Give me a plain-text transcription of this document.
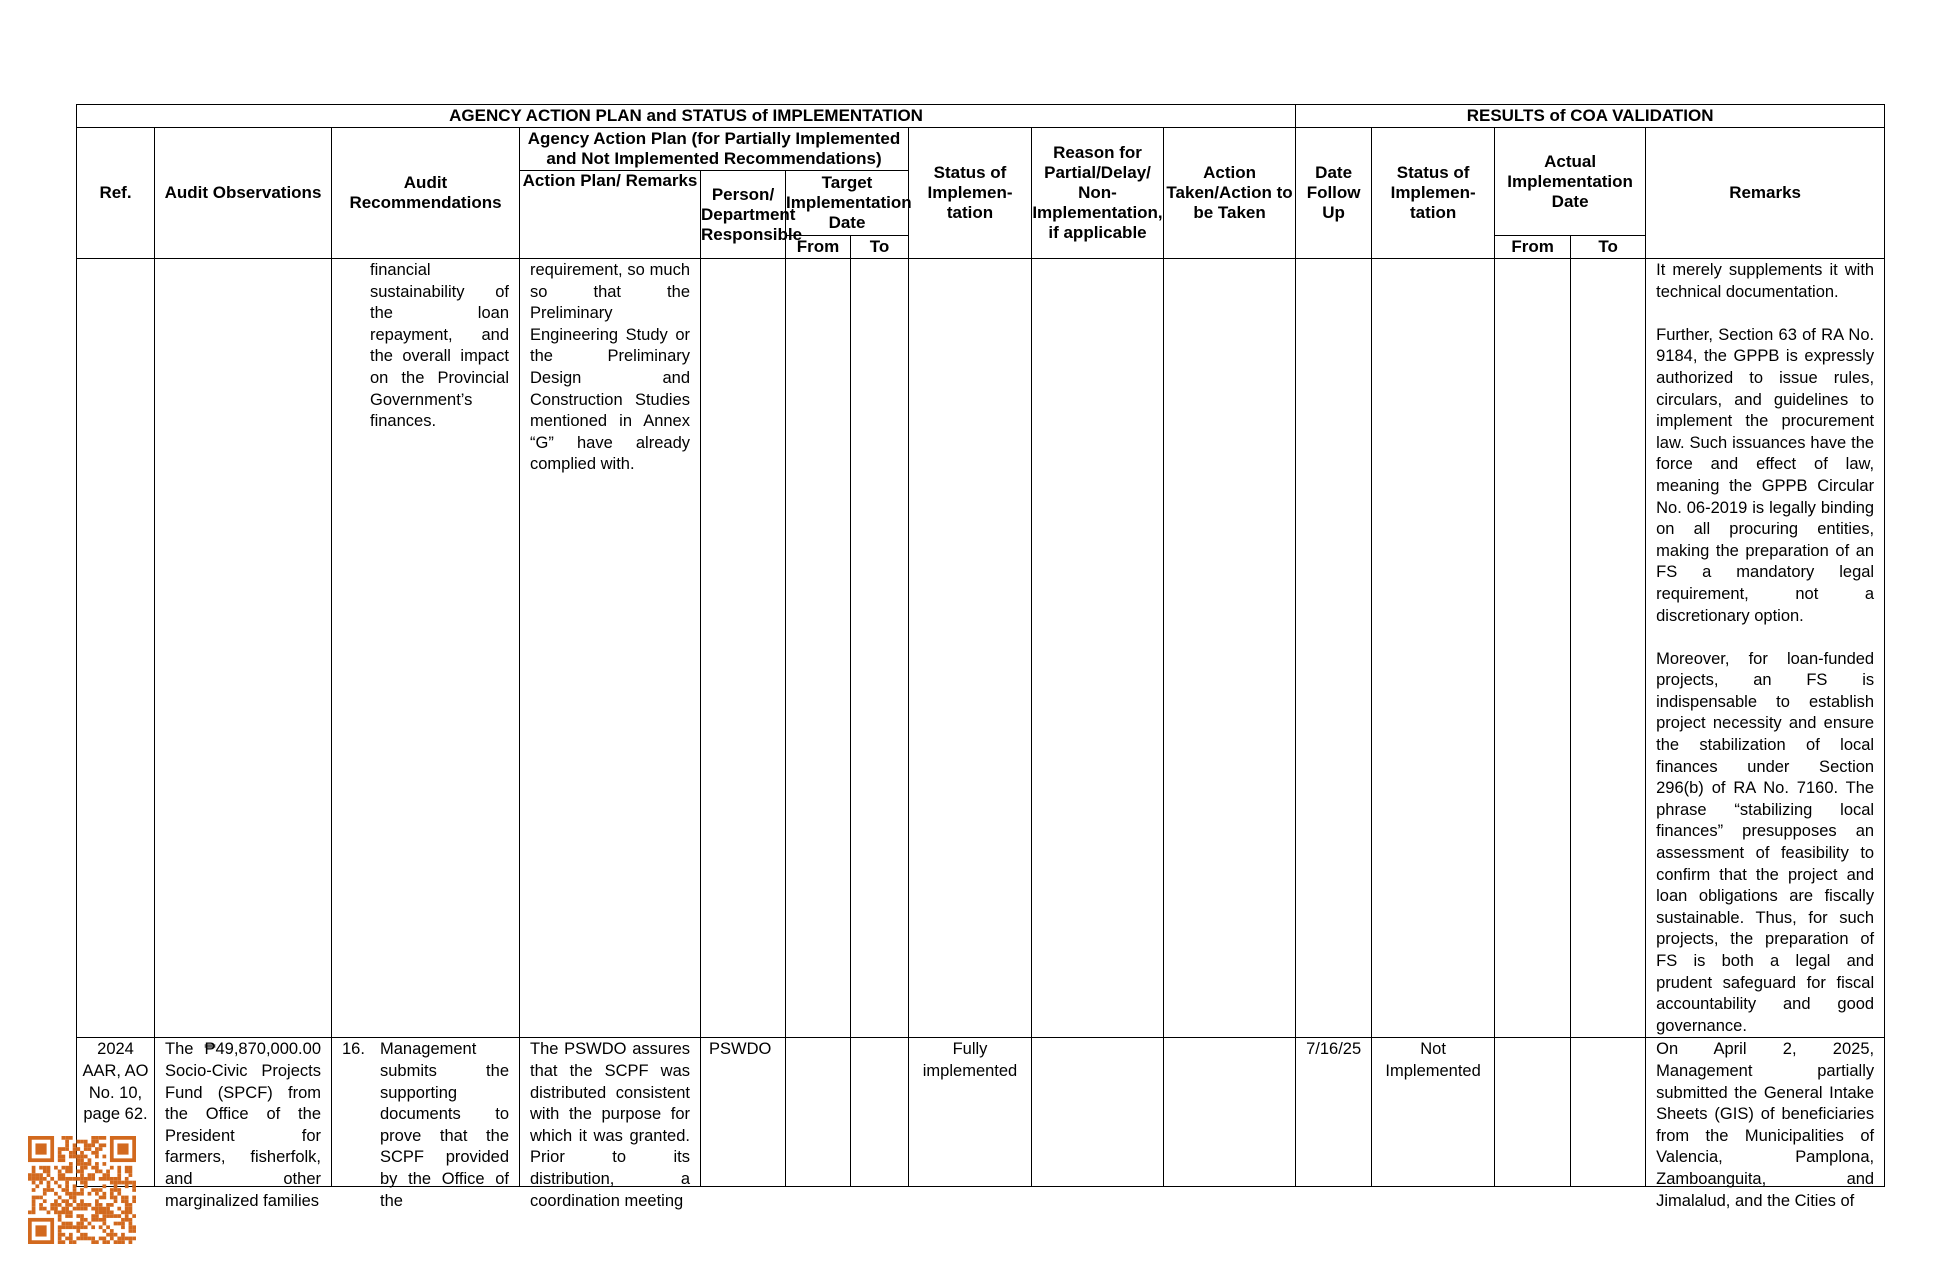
AGENCY ACTION PLAN and STATUS of IMPLEMENTATION										RESULTS of COA VALIDATION				
Ref.	Audit Observations	Audit Recommendations	Agency Action Plan (for Partially Implemented and Not Implemented Recommendations)				Status of Implemen-tation	Reason for Partial/Delay/ Non-Implementation, if applicable	Action Taken/Action to be Taken	Date Follow Up	Status of Implemen-tation	Actual Implementation Date		Remarks
			Action Plan/ Remarks	Person/ Department Responsible	Target Implementation Date									
					From	To						From	To	

		financial sustainability of the loan repayment, and the overall impact on the Provincial Government’s finances.	requirement, so much so that the Preliminary Engineering Study or the Preliminary Design and Construction Studies mentioned in Annex “G” have already complied with.											It merely supplements it with technical documentation.

Further, Section 63 of RA No. 9184, the GPPB is expressly authorized to issue rules, circulars, and guidelines to implement the procurement law. Such issuances have the force and effect of law, meaning the GPPB Circular No. 06-2019 is legally binding on all procuring entities, making the preparation of an FS a mandatory legal requirement, not a discretionary option.

Moreover, for loan-funded projects, an FS is indispensable to establish project necessity and ensure the stabilization of local finances under Section 296(b) of RA No. 7160. The phrase “stabilizing local finances” presupposes an assessment of feasibility to confirm that the project and loan obligations are fiscally sustainable. Thus, for such projects, the preparation of FS is both a legal and prudent safeguard for fiscal accountability and good governance.

2024 AAR, AO No. 10, page 62.	The ₱49,870,000.00 Socio-Civic Projects Fund (SPCF) from the Office of the President for farmers, fisherfolk, and other marginalized families	16. Management submits the supporting documents to prove that the SCPF provided by the Office of the	The PSWDO assures that the SCPF was distributed consistent with the purpose for which it was granted. Prior to its distribution, a coordination meeting	PSWDO			Fully implemented			7/16/25	Not Implemented			On April 2, 2025, Management partially submitted the General Intake Sheets (GIS) of beneficiaries from the Municipalities of Valencia, Pamplona, Zamboanguita, and Jimalalud, and the Cities of
